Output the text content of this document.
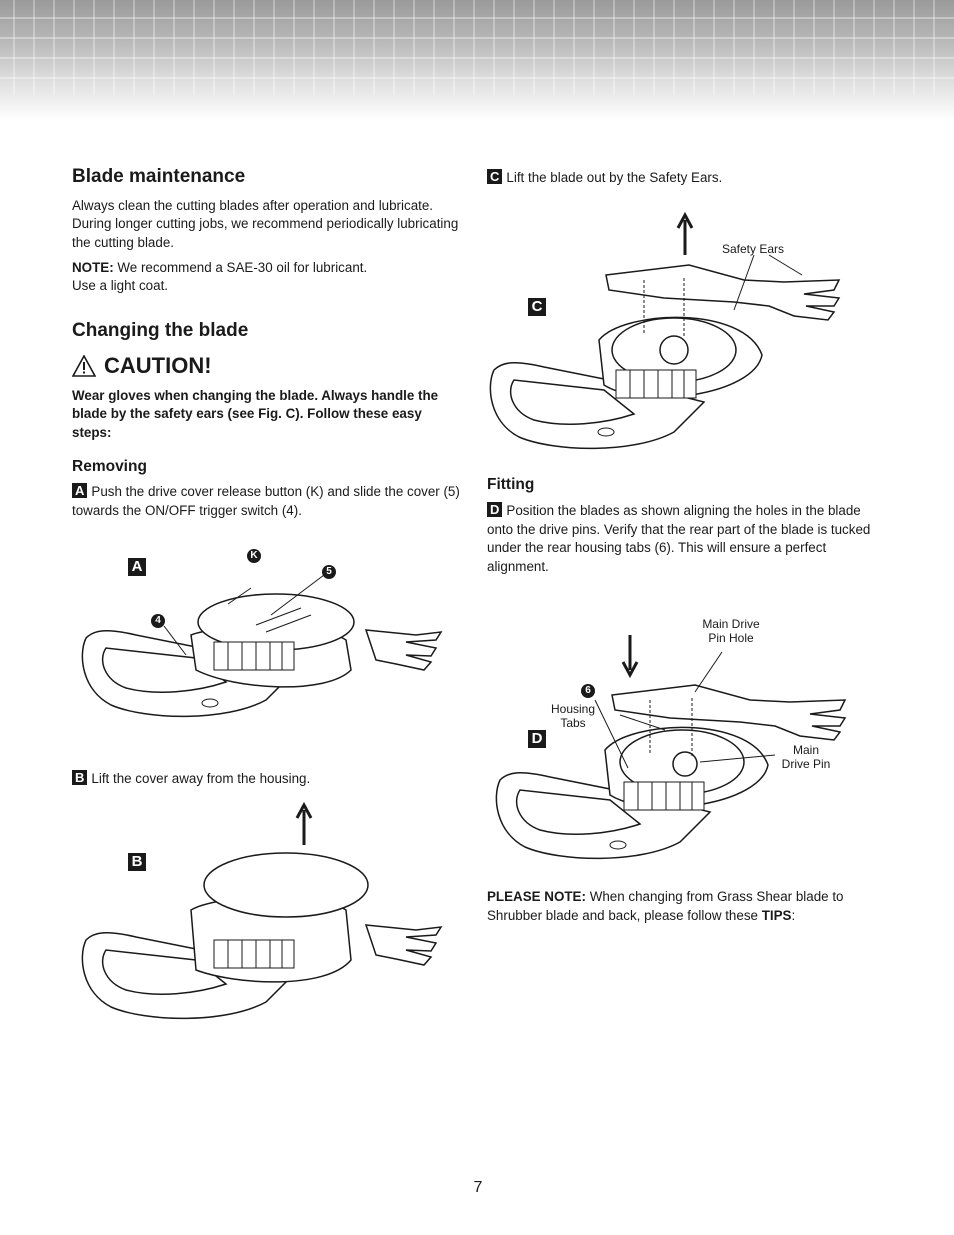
Blade maintenance

Always clean the cutting blades after operation and lubricate. During longer cutting jobs, we recommend periodically lubricating the cutting blade.

NOTE: We recommend a SAE-30 oil for lubricant.
Use a light coat.

Changing the blade
CAUTION!

Wear gloves when changing the blade. Always handle the blade by the safety ears (see Fig. C). Follow these easy steps:

Removing

A Push the drive cover release button (K) and slide the cover (5) towards the ON/OFF trigger switch (4).

A
K
5
4

B Lift the cover away from the housing.

B

C Lift the blade out by the Safety Ears.

C
Safety Ears
Fitting

D Position the blades as shown aligning the holes in the blade onto the drive pins. Verify that the rear part of the blade is tucked under the rear housing tabs (6). This will ensure a perfect alignment.

D
Main Drive
Pin Hole
6
Housing
Tabs
Main
Drive Pin

PLEASE NOTE: When changing from Grass Shear blade to Shrubber blade and back, please follow these TIPS:

7
